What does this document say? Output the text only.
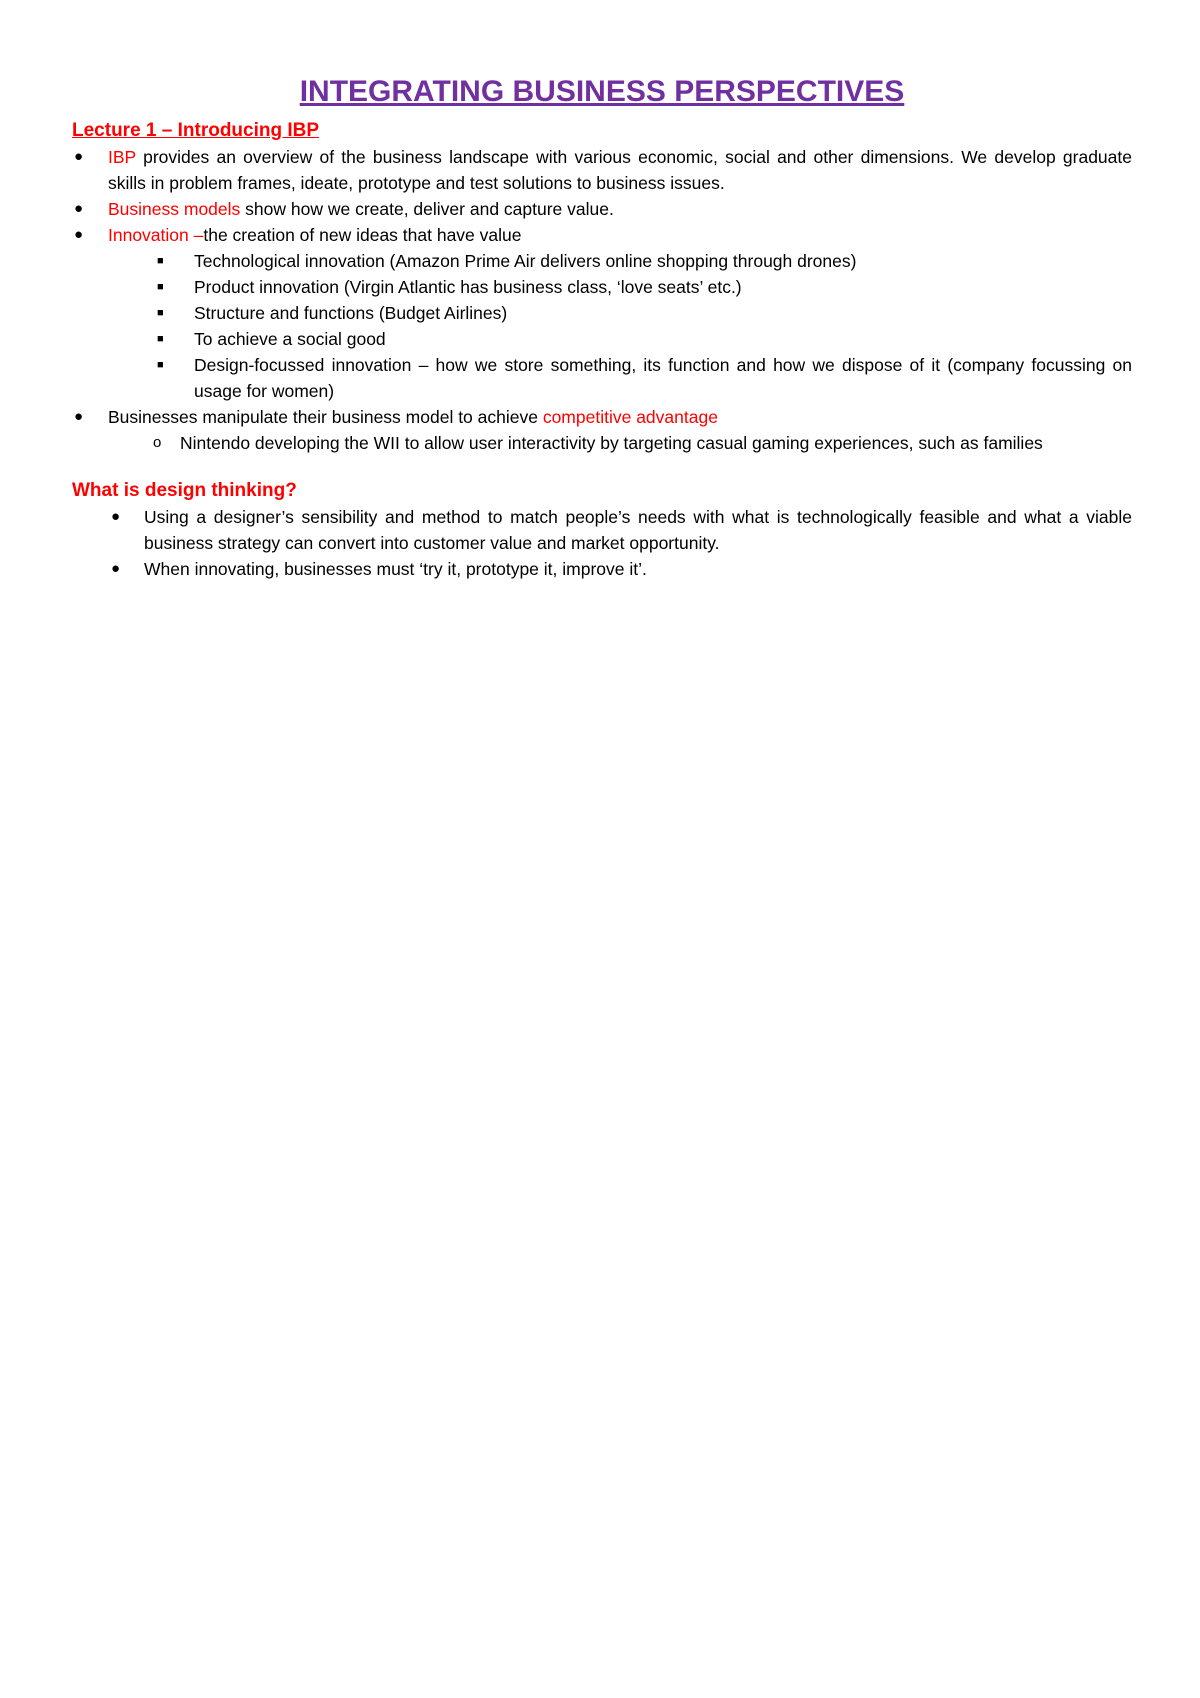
INTEGRATING BUSINESS PERSPECTIVES
Lecture 1 – Introducing IBP
● IBP provides an overview of the business landscape with various economic, social and other dimensions. We develop graduate skills in problem frames, ideate, prototype and test solutions to business issues.
● Business models show how we create, deliver and capture value.
● Innovation –the creation of new ideas that have value
■ Technological innovation (Amazon Prime Air delivers online shopping through drones)
■ Product innovation (Virgin Atlantic has business class, ‘love seats’ etc.)
■ Structure and functions (Budget Airlines)
■ To achieve a social good
■ Design-focussed innovation – how we store something, its function and how we dispose of it (company focussing on usage for women)
● Businesses manipulate their business model to achieve competitive advantage
o Nintendo developing the WII to allow user interactivity by targeting casual gaming experiences, such as families
What is design thinking?
● Using a designer’s sensibility and method to match people’s needs with what is technologically feasible and what a viable business strategy can convert into customer value and market opportunity.
● When innovating, businesses must ‘try it, prototype it, improve it’.
